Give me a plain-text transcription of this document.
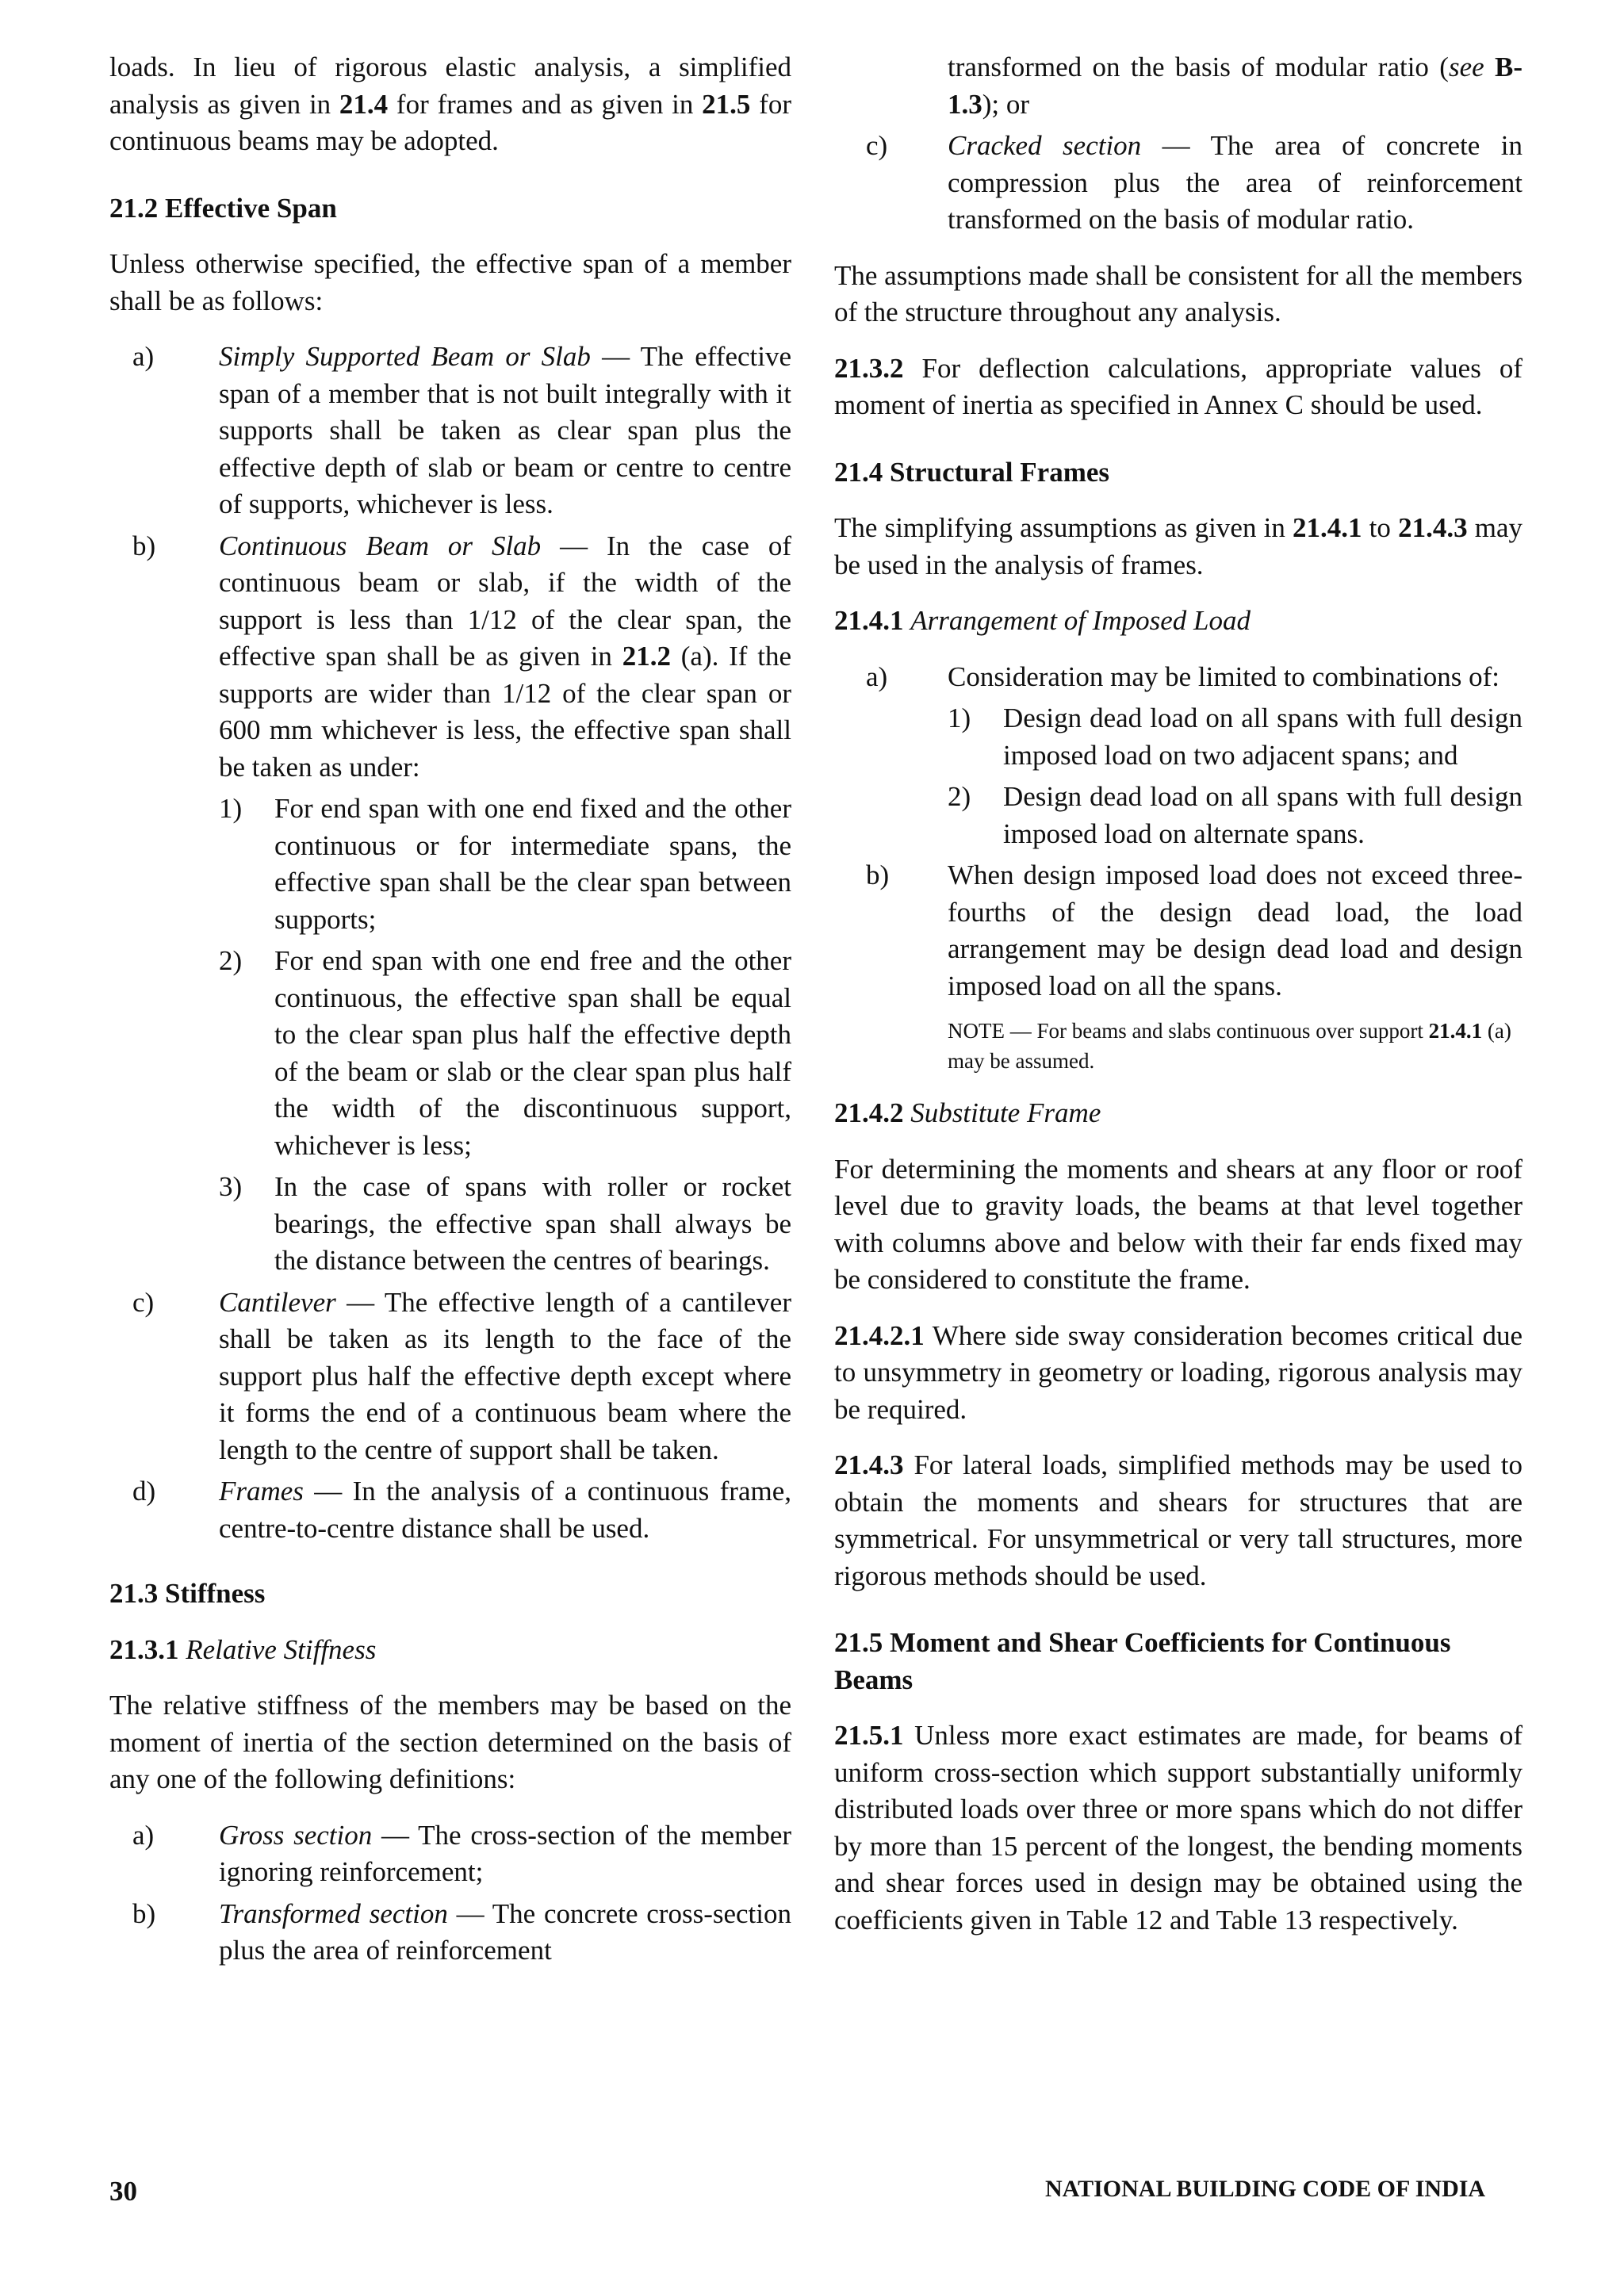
loads. In lieu of rigorous elastic analysis, a simplified analysis as given in 21.4 for frames and as given in 21.5 for continuous beams may be adopted.

21.2 Effective Span

Unless otherwise specified, the effective span of a member shall be as follows:

a)	Simply Supported Beam or Slab — The effective span of a member that is not built integrally with it supports shall be taken as clear span plus the effective depth of slab or beam or centre to centre of supports, whichever is less.
b)	Continuous Beam or Slab — In the case of continuous beam or slab, if the width of the support is less than 1/12 of the clear span, the effective span shall be as given in 21.2 (a). If the supports are wider than 1/12 of the clear span or 600 mm whichever is less, the effective span shall be taken as under:
1)	For end span with one end fixed and the other continuous or for intermediate spans, the effective span shall be the clear span between supports;
2)	For end span with one end free and the other continuous, the effective span shall be equal to the clear span plus half the effective depth of the beam or slab or the clear span plus half the width of the discontinuous support, whichever is less;
3)	In the case of spans with roller or rocket bearings, the effective span shall always be the distance between the centres of bearings.
c)	Cantilever — The effective length of a cantilever shall be taken as its length to the face of the support plus half the effective depth except where it forms the end of a continuous beam where the length to the centre of support shall be taken.
d)	Frames — In the analysis of a continuous frame, centre-to-centre distance shall be used.

21.3 Stiffness

21.3.1 Relative Stiffness

The relative stiffness of the members may be based on the moment of inertia of the section determined on the basis of any one of the following definitions:

a)	Gross section — The cross-section of the member ignoring reinforcement;
b)	Transformed section — The concrete cross-section plus the area of reinforcement

transformed on the basis of modular ratio (see B-1.3); or

c)	Cracked section — The area of concrete in compression plus the area of reinforcement transformed on the basis of modular ratio.

The assumptions made shall be consistent for all the members of the structure throughout any analysis.

21.3.2 For deflection calculations, appropriate values of moment of inertia as specified in Annex C should be used.

21.4 Structural Frames

The simplifying assumptions as given in 21.4.1 to 21.4.3 may be used in the analysis of frames.

21.4.1 Arrangement of Imposed Load

a)	Consideration may be limited to combinations of:
1)	Design dead load on all spans with full design imposed load on two adjacent spans; and
2)	Design dead load on all spans with full design imposed load on alternate spans.
b)	When design imposed load does not exceed three-fourths of the design dead load, the load arrangement may be design dead load and design imposed load on all the spans.

NOTE — For beams and slabs continuous over support 21.4.1 (a) may be assumed.

21.4.2 Substitute Frame

For determining the moments and shears at any floor or roof level due to gravity loads, the beams at that level together with columns above and below with their far ends fixed may be considered to constitute the frame.

21.4.2.1 Where side sway consideration becomes critical due to unsymmetry in geometry or loading, rigorous analysis may be required.

21.4.3 For lateral loads, simplified methods may be used to obtain the moments and shears for structures that are symmetrical. For unsymmetrical or very tall structures, more rigorous methods should be used.

21.5 Moment and Shear Coefficients for Continuous Beams

21.5.1 Unless more exact estimates are made, for beams of uniform cross-section which support substantially uniformly distributed loads over three or more spans which do not differ by more than 15 percent of the longest, the bending moments and shear forces used in design may be obtained using the coefficients given in Table 12 and Table 13 respectively.

30	NATIONAL BUILDING CODE OF INDIA
